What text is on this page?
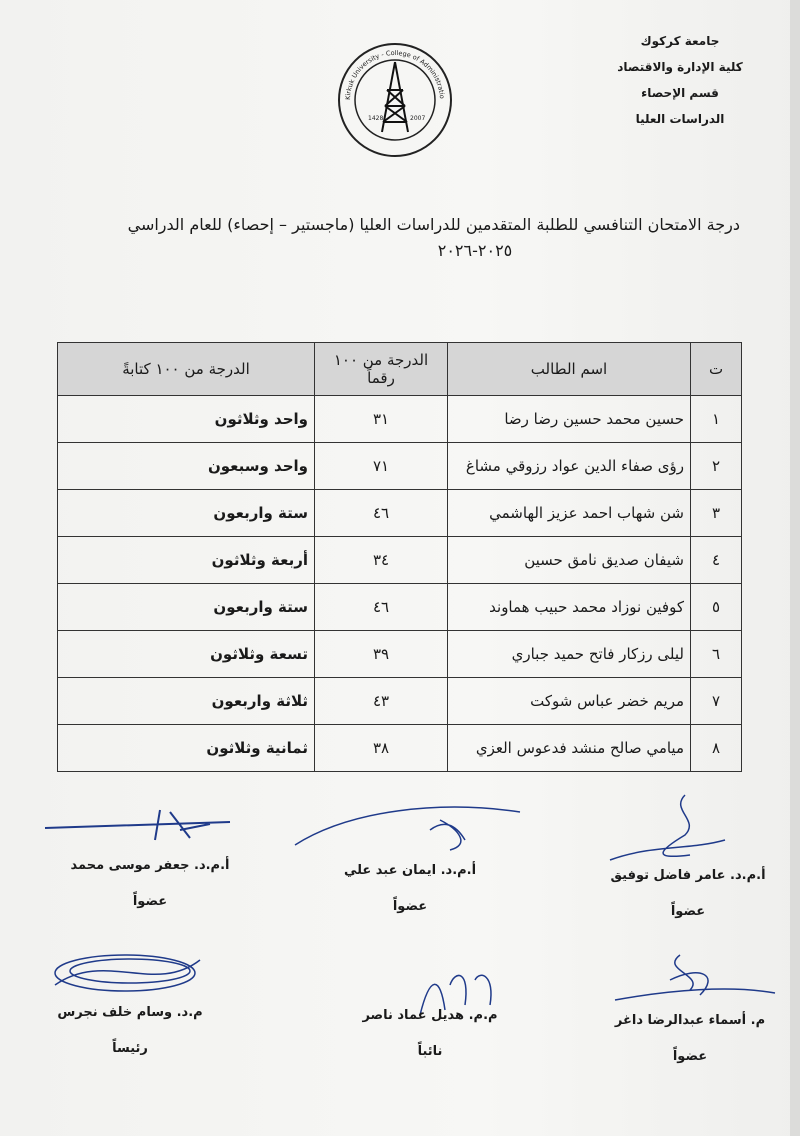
جامعة كركوك
كلية الإدارة والاقتصاد
قسم الإحصاء
الدراسات العليا
Kirkuk University - College of Administratio
1428	2007
درجة الامتحان التنافسي للطلبة المتقدمين للدراسات العليا (ماجستير – إحصاء) للعام الدراسي
٢٠٢٥-٢٠٢٦
ت	اسم الطالب	الدرجة من ١٠٠ رقماً	الدرجة من ١٠٠ كتابةً
١	حسين محمد حسين رضا رضا	٣١	واحد وثلاثون
٢	رؤى صفاء الدين عواد رزوقي مشاغ	٧١	واحد وسبعون
٣	شن شهاب احمد عزيز الهاشمي	٤٦	ستة واربعون
٤	شيفان صديق نامق حسين	٣٤	أربعة وثلاثون
٥	كوفين نوزاد محمد حبيب هماوند	٤٦	ستة واربعون
٦	ليلى رزكار فاتح حميد جباري	٣٩	تسعة وثلاثون
٧	مريم خضر عباس شوكت	٤٣	ثلاثة واربعون
٨	ميامي صالح منشد فدعوس العزي	٣٨	ثمانية وثلاثون
أ.م.د. جعفر موسى محمد
عضواً
أ.م.د. ايمان عبد علي
عضواً
أ.م.د. عامر فاضل توفيق
عضواً
م.د. وسام خلف نجرس
رئيساً
م.م. هديل عماد ناصر
نائباً
م. أسماء عبدالرضا داغر
عضواً
